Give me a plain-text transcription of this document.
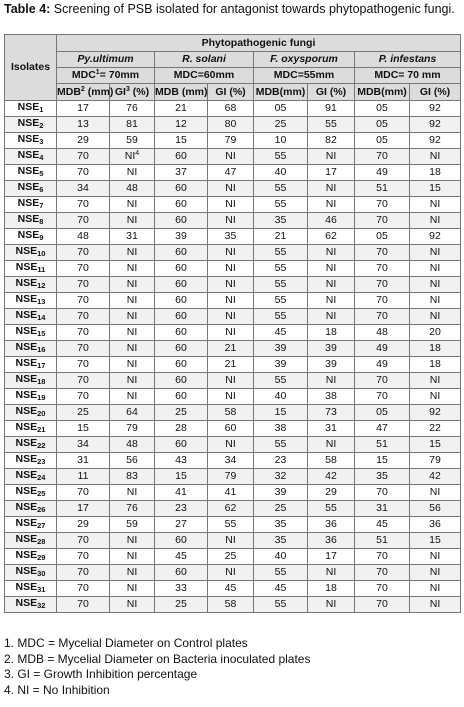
Table 4: Screening of PSB isolated for antagonist towards phytopathogenic fungi.
Isolates	Phytopathogenic fungi							
	Py.ultimum		R. solani		F. oxysporum		P. infestans	
	$MDC^1= 70mm$		MDC=60mm		MDC=55mm		MDC= 70 mm	
	MDB$^2$ (mm)	$GI^3$ (%)	MDB (mm)	GI (%)	MDB(mm)	GI (%)	MDB(mm)	GI (%)
$NSE_1$	17	76	21	68	05	91	05	92
$NSE_2$	13	81	12	80	25	55	05	92
$NSE_3$	29	59	15	79	10	82	05	92
$NSE_4$	70	$NI^4$	60	NI	55	NI	70	NI
$NSE_5$	70	NI	37	47	40	17	49	18
$NSE_6$	34	48	60	NI	55	NI	51	15
$NSE_7$	70	NI	60	NI	55	NI	70	NI
$NSE_8$	70	NI	60	NI	35	46	70	NI
$NSE_9$	48	31	39	35	21	62	05	92
$NSE_{10}$	70	NI	60	NI	55	NI	70	NI
$NSE_{11}$	70	NI	60	NI	55	NI	70	NI
$NSE_{12}$	70	NI	60	NI	55	NI	70	NI
$NSE_{13}$	70	NI	60	NI	55	NI	70	NI
$NSE_{14}$	70	NI	60	NI	55	NI	70	NI
$NSE_{15}$	70	NI	60	NI	45	18	48	20
$NSE_{16}$	70	NI	60	21	39	39	49	18
$NSE_{17}$	70	NI	60	21	39	39	49	18
$NSE_{18}$	70	NI	60	NI	55	NI	70	NI
$NSE_{19}$	70	NI	60	NI	40	38	70	NI
$NSE_{20}$	25	64	25	58	15	73	05	92
$NSE_{21}$	15	79	28	60	38	31	47	22
$NSE_{22}$	34	48	60	NI	55	NI	51	15
$NSE_{23}$	31	56	43	34	23	58	15	79
$NSE_{24}$	11	83	15	79	32	42	35	42
$NSE_{25}$	70	NI	41	41	39	29	70	NI
$NSE_{26}$	17	76	23	62	25	55	31	56
$NSE_{27}$	29	59	27	55	35	36	45	36
$NSE_{28}$	70	NI	60	NI	35	36	51	15
$NSE_{29}$	70	NI	45	25	40	17	70	NI
$NSE_{30}$	70	NI	60	NI	55	NI	70	NI
$NSE_{31}$	70	NI	33	45	45	18	70	NI
$NSE_{32}$	70	NI	25	58	55	NI	70	NI
1. MDC = Mycelial Diameter on Control plates
2. MDB = Mycelial Diameter on Bacteria inoculated plates
3. GI = Growth Inhibition percentage
4. NI = No Inhibition
